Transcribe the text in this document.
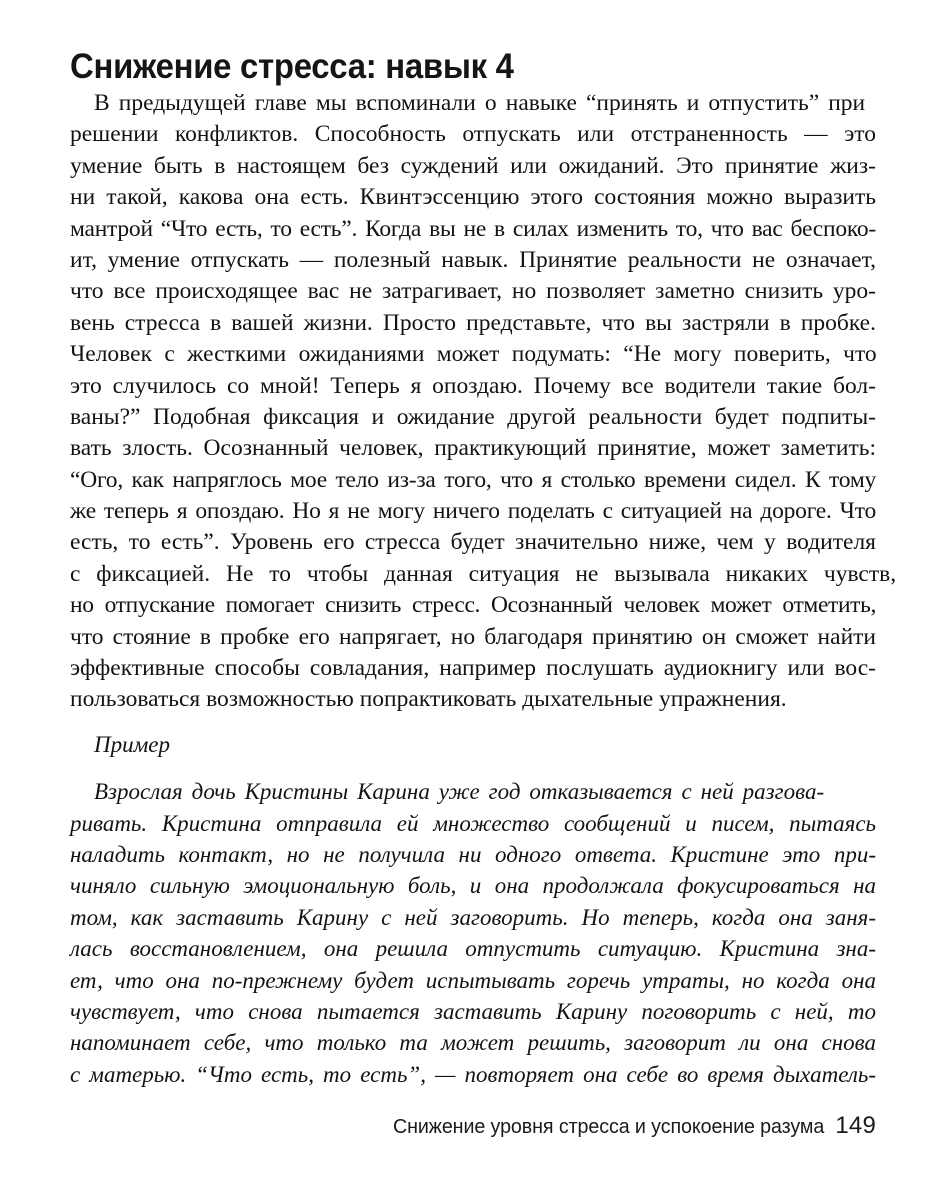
Снижение стресса: навык 4
В предыдущей главе мы вспоминали о навыке “принять и отпустить” при
решении конфликтов. Способность отпускать или отстраненность — это
умение быть в настоящем без суждений или ожиданий. Это принятие жиз-
ни такой, какова она есть. Квинтэссенцию этого состояния можно выразить
мантрой “Что есть, то есть”. Когда вы не в силах изменить то, что вас беспоко-
ит, умение отпускать — полезный навык. Принятие реальности не означает,
что все происходящее вас не затрагивает, но позволяет заметно снизить уро-
вень стресса в вашей жизни. Просто представьте, что вы застряли в пробке.
Человек с жесткими ожиданиями может подумать: “Не могу поверить, что
это случилось со мной! Теперь я опоздаю. Почему все водители такие бол-
ваны?” Подобная фиксация и ожидание другой реальности будет подпиты-
вать злость. Осознанный человек, практикующий принятие, может заметить:
“Ого, как напряглось мое тело из-за того, что я столько времени сидел. К тому
же теперь я опоздаю. Но я не могу ничего поделать с ситуацией на дороге. Что
есть, то есть”. Уровень его стресса будет значительно ниже, чем у водителя
с фиксацией. Не то чтобы данная ситуация не вызывала никаких чувств,
но отпускание помогает снизить стресс. Осознанный человек может отметить,
что стояние в пробке его напрягает, но благодаря принятию он сможет найти
эффективные способы совладания, например послушать аудиокнигу или вос-
пользоваться возможностью попрактиковать дыхательные упражнения.
Пример
Взрослая дочь Кристины Карина уже год отказывается с ней разгова-
ривать. Кристина отправила ей множество сообщений и писем, пытаясь
наладить контакт, но не получила ни одного ответа. Кристине это при-
чиняло сильную эмоциональную боль, и она продолжала фокусироваться на
том, как заставить Карину с ней заговорить. Но теперь, когда она заня-
лась восстановлением, она решила отпустить ситуацию. Кристина зна-
ет, что она по-прежнему будет испытывать горечь утраты, но когда она
чувствует, что снова пытается заставить Карину поговорить с ней, то
напоминает себе, что только та может решить, заговорит ли она снова
с матерью. “Что есть, то есть”, — повторяет она себе во время дыхатель-
Снижение уровня стресса и успокоение разума 149
